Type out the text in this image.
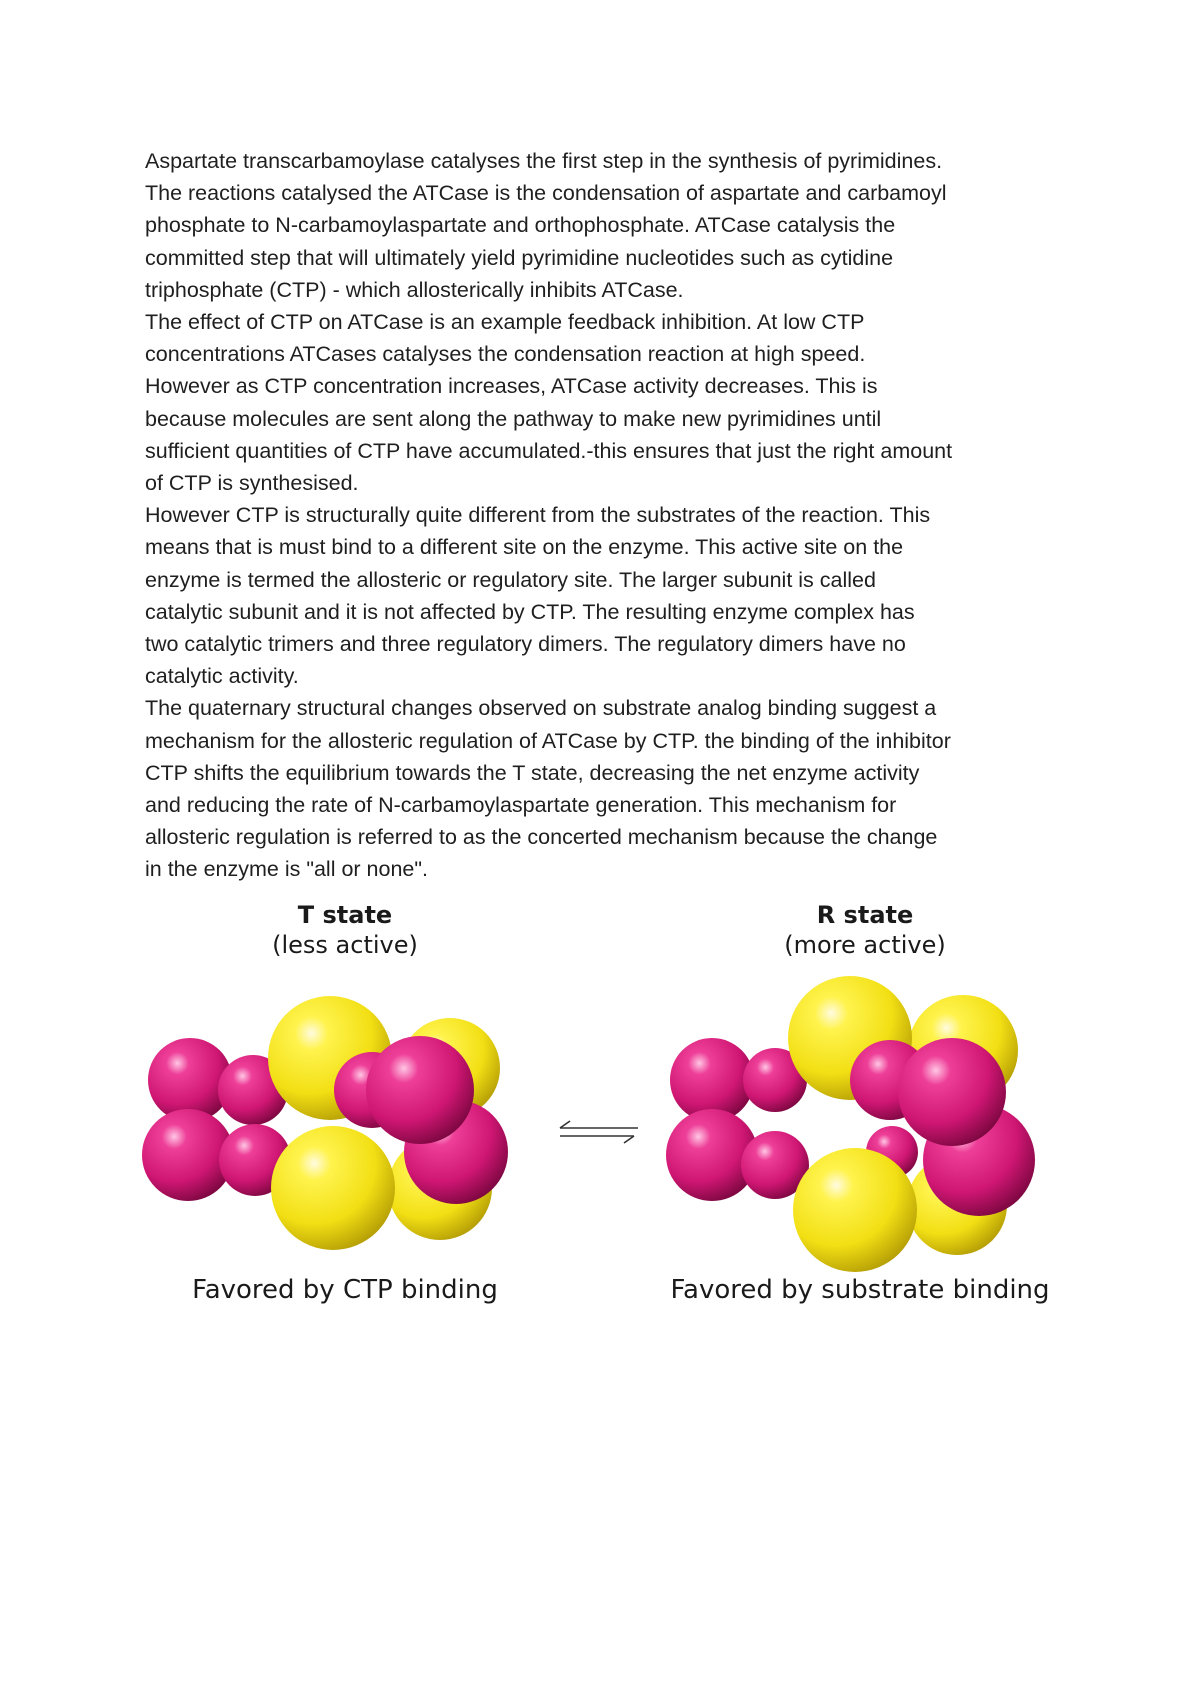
Aspartate transcarbamoylase catalyses the first step in the synthesis of pyrimidines.

The reactions catalysed the ATCase is the condensation of aspartate and carbamoyl

phosphate to N-carbamoylaspartate and orthophosphate. ATCase catalysis the

committed step that will ultimately yield pyrimidine nucleotides such as cytidine

triphosphate (CTP) - which allosterically inhibits ATCase.

The effect of CTP on ATCase is an example feedback inhibition. At low CTP

concentrations ATCases catalyses the condensation reaction at high speed.

However as CTP concentration increases, ATCase activity decreases. This is

because molecules are sent along the pathway to make new pyrimidines until

sufficient quantities of CTP have accumulated.-this ensures that just the right amount

of CTP is synthesised.

However CTP is structurally quite different from the substrates of the reaction. This

means that is must bind to a different site on the enzyme. This active site on the

enzyme is termed the allosteric or regulatory site. The larger subunit is called

catalytic subunit and it is not affected by CTP. The resulting enzyme complex has

two catalytic trimers and three regulatory dimers. The regulatory dimers have no

catalytic activity.

The quaternary structural changes observed on substrate analog binding suggest a

mechanism for the allosteric regulation of ATCase by CTP. the binding of the inhibitor

CTP shifts the equilibrium towards the T state, decreasing the net enzyme activity

and reducing the rate of N-carbamoylaspartate generation. This mechanism for

allosteric regulation is referred to as the concerted mechanism because the change

in the enzyme is "all or none".

T state
(less active)
R state
(more active)
Favored by CTP binding	Favored by substrate binding
